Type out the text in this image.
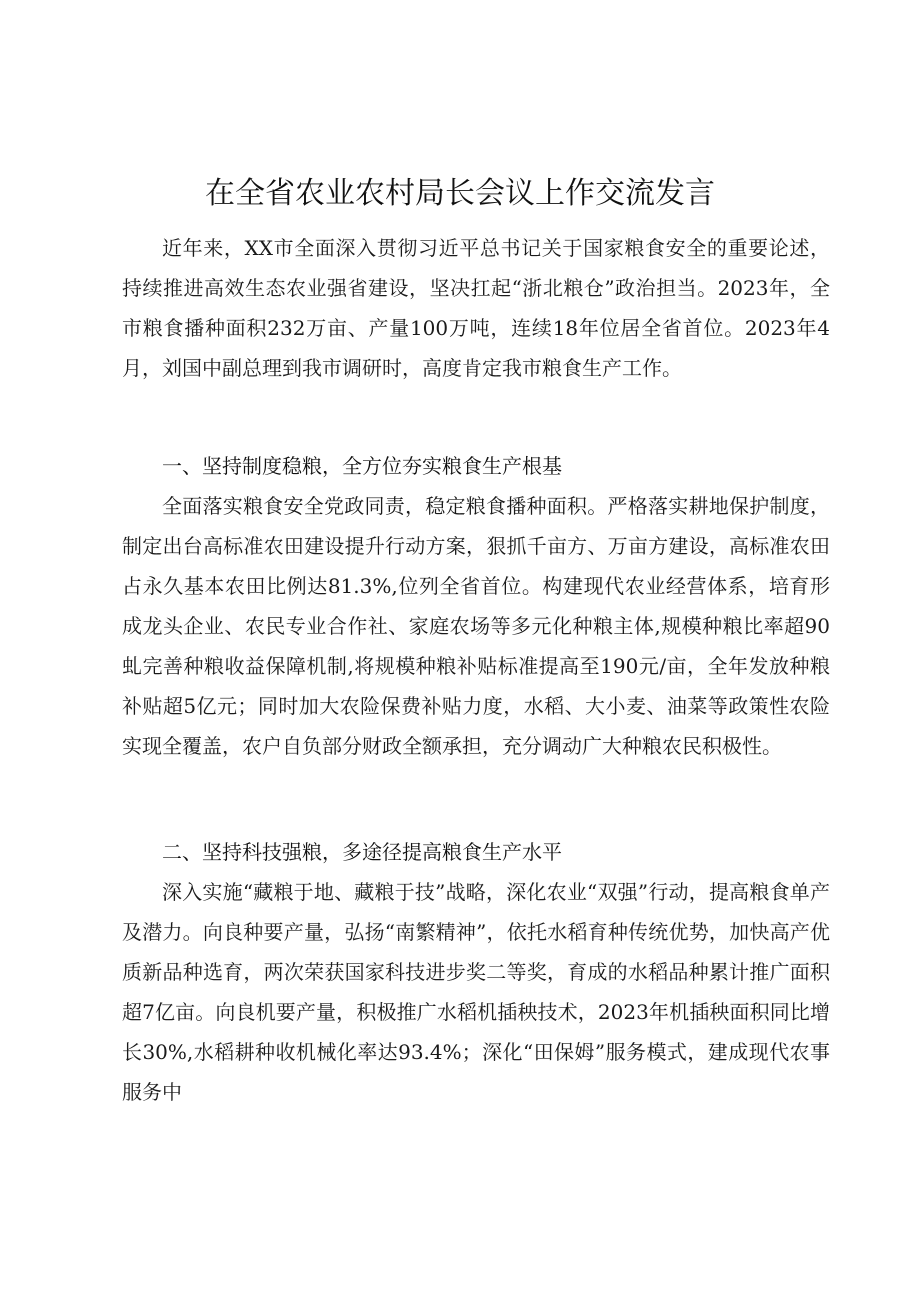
在全省农业农村局长会议上作交流发言

近年来，XX市全面深入贯彻习近平总书记关于国家粮食安全的重要论述，持续推进高效生态农业强省建设，坚决扛起“浙北粮仓”政治担当。2023年，全市粮食播种面积232万亩、产量100万吨，连续18年位居全省首位。2023年4月，刘国中副总理到我市调研时，高度肯定我市粮食生产工作。

一、坚持制度稳粮，全方位夯实粮食生产根基

全面落实粮食安全党政同责，稳定粮食播种面积。严格落实耕地保护制度，制定出台高标准农田建设提升行动方案，狠抓千亩方、万亩方建设，高标准农田占永久基本农田比例达81.3%,位列全省首位。构建现代农业经营体系，培育形成龙头企业、农民专业合作社、家庭农场等多元化种粮主体,规模种粮比率超90虬完善种粮收益保障机制,将规模种粮补贴标准提高至190元/亩，全年发放种粮补贴超5亿元；同时加大农险保费补贴力度，水稻、大小麦、油菜等政策性农险实现全覆盖，农户自负部分财政全额承担，充分调动广大种粮农民积极性。

二、坚持科技强粮，多途径提高粮食生产水平

深入实施“藏粮于地、藏粮于技”战略，深化农业“双强”行动，提高粮食单产及潜力。向良种要产量，弘扬“南繁精神”，依托水稻育种传统优势，加快高产优质新品种选育，两次荣获国家科技进步奖二等奖，育成的水稻品种累计推广面积超7亿亩。向良机要产量，积极推广水稻机插秧技术，2023年机插秧面积同比增长30%,水稻耕种收机械化率达93.4%；深化“田保姆”服务模式，建成现代农事服务中
